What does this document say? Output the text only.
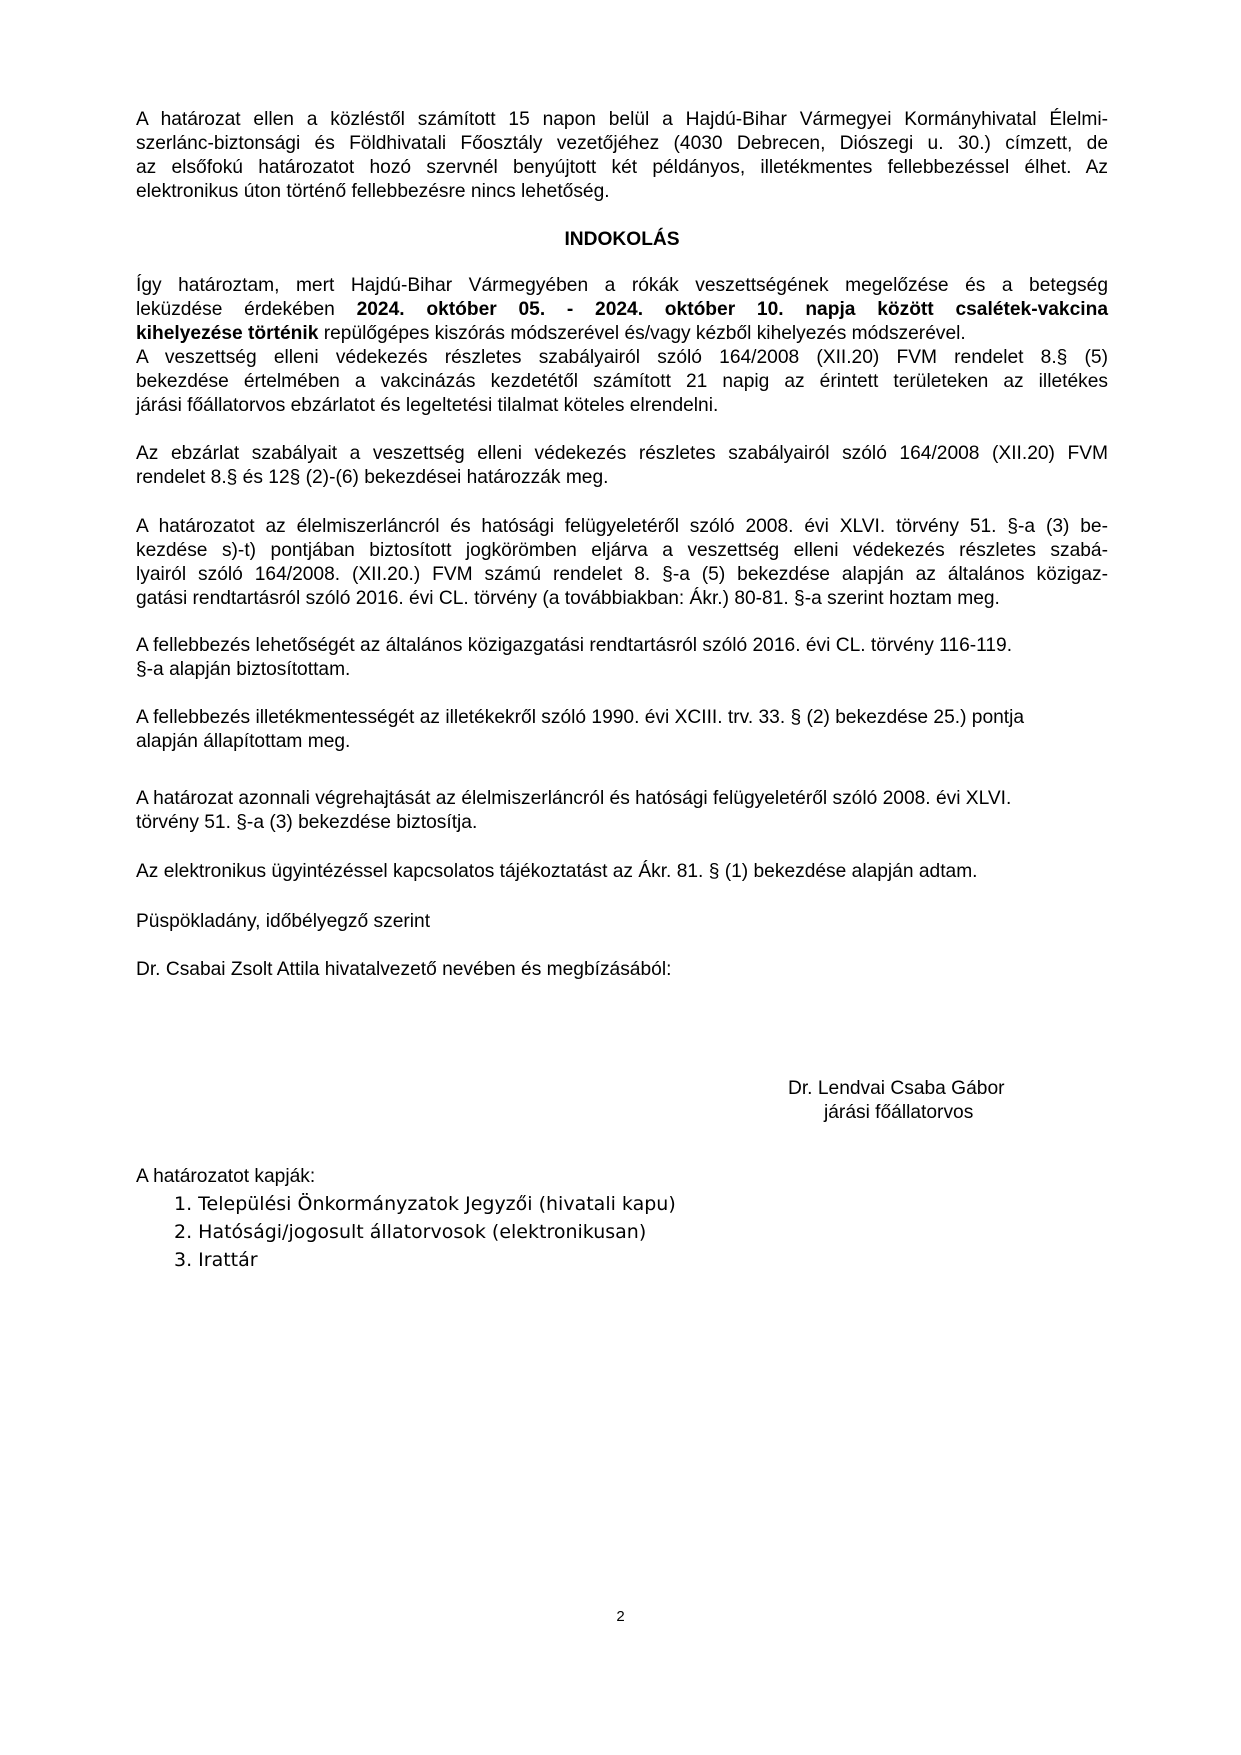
A határozat ellen a közléstől számított 15 napon belül a Hajdú-Bihar Vármegyei Kormányhivatal Élelmi-
szerlánc-biztonsági és Földhivatali Főosztály vezetőjéhez (4030 Debrecen, Diószegi u. 30.) címzett, de
az elsőfokú határozatot hozó szervnél benyújtott két példányos, illetékmentes fellebbezéssel élhet. Az
elektronikus úton történő fellebbezésre nincs lehetőség.
INDOKOLÁS
Így határoztam, mert Hajdú-Bihar Vármegyében a rókák veszettségének megelőzése és a betegség
leküzdése érdekében 2024. október 05. - 2024. október 10. napja között csalétek-vakcina
kihelyezése történik repülőgépes kiszórás módszerével és/vagy kézből kihelyezés módszerével.
A veszettség elleni védekezés részletes szabályairól szóló 164/2008 (XII.20) FVM rendelet 8.§ (5)
bekezdése értelmében a vakcinázás kezdetétől számított 21 napig az érintett területeken az illetékes
járási főállatorvos ebzárlatot és legeltetési tilalmat köteles elrendelni.
Az ebzárlat szabályait a veszettség elleni védekezés részletes szabályairól szóló 164/2008 (XII.20) FVM
rendelet 8.§ és 12§ (2)-(6) bekezdései határozzák meg.
A határozatot az élelmiszerláncról és hatósági felügyeletéről szóló 2008. évi XLVI. törvény 51. §-a (3) be-
kezdése s)-t) pontjában biztosított jogkörömben eljárva a veszettség elleni védekezés részletes szabá-
lyairól szóló 164/2008. (XII.20.) FVM számú rendelet 8. §-a (5) bekezdése alapján az általános közigaz-
gatási rendtartásról szóló 2016. évi CL. törvény (a továbbiakban: Ákr.) 80-81. §-a szerint hoztam meg.
A fellebbezés lehetőségét az általános közigazgatási rendtartásról szóló 2016. évi CL. törvény 116-119.
§-a alapján biztosítottam.
A fellebbezés illetékmentességét az illetékekről szóló 1990. évi XCIII. trv. 33. § (2) bekezdése 25.) pontja
alapján állapítottam meg.
A határozat azonnali végrehajtását az élelmiszerláncról és hatósági felügyeletéről szóló 2008. évi XLVI.
törvény 51. §-a (3) bekezdése biztosítja.
Az elektronikus ügyintézéssel kapcsolatos tájékoztatást az Ákr. 81. § (1) bekezdése alapján adtam.
Püspökladány, időbélyegző szerint
Dr. Csabai Zsolt Attila hivatalvezető nevében és megbízásából:
Dr. Lendvai Csaba Gábor
járási főállatorvos
A határozatot kapják:
1. Települési Önkormányzatok Jegyzői (hivatali kapu)
2. Hatósági/jogosult állatorvosok (elektronikusan)
3. Irattár
2
